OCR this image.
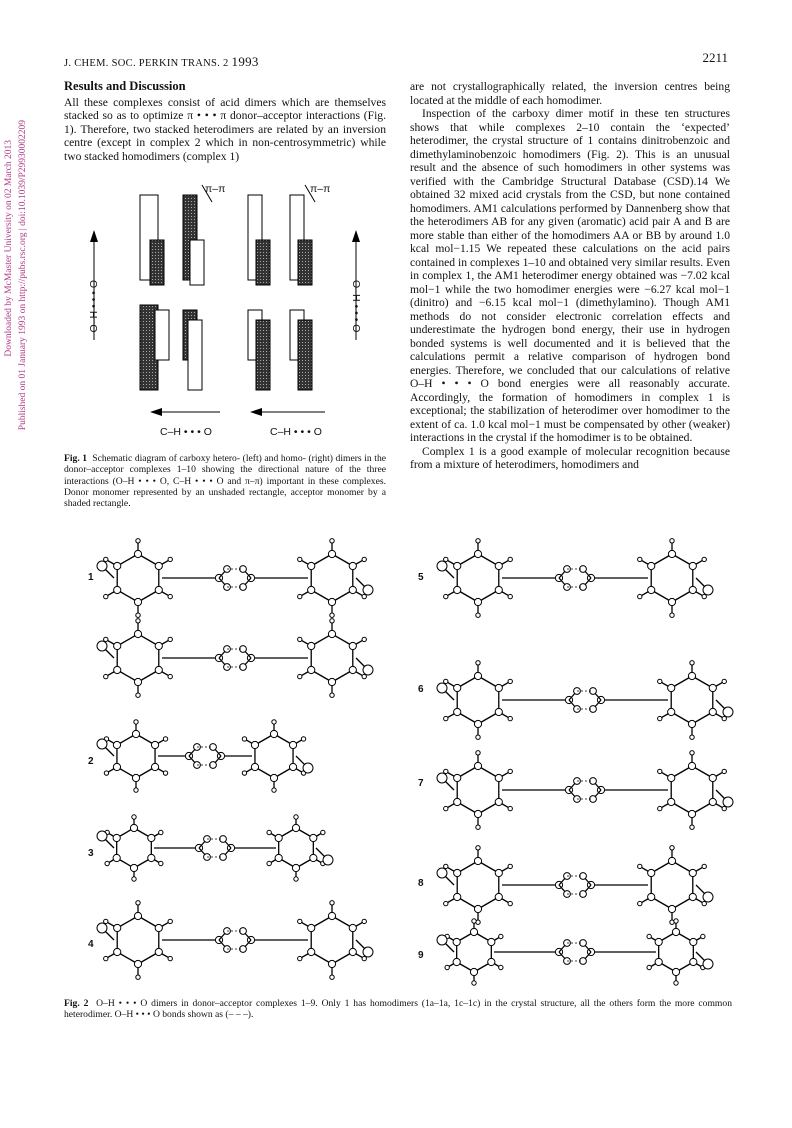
J. CHEM. SOC. PERKIN TRANS. 2 1993	2211
Downloaded by McMaster University on 02 March 2013 Published on 01 January 1993 on http://pubs.rsc.org | doi:10.1039/P29930002209
Results and Discussion

All these complexes consist of acid dimers which are themselves stacked so as to optimize π • • • π donor–acceptor interactions (Fig. 1). Therefore, two stacked heterodimers are related by an inversion centre (except in complex 2 which in non-centrosymmetric) while two stacked homodimers (complex 1)

are not crystallographically related, the inversion centres being located at the middle of each homodimer.

Inspection of the carboxy dimer motif in these ten structures shows that while complexes 2–10 contain the ‘expected’ heterodimer, the crystal structure of 1 contains dinitrobenzoic and dimethylaminobenzoic homodimers (Fig. 2). This is an unusual result and the absence of such homodimers in other systems was verified with the Cambridge Structural Database (CSD).14 We obtained 32 mixed acid crystals from the CSD, but none contained homodimers. AM1 calculations performed by Dannenberg show that the heterodimers AB for any given (aromatic) acid pair A and B are more stable than either of the homodimers AA or BB by around 1.0 kcal mol−1.15 We repeated these calculations on the acid pairs contained in complexes 1–10 and obtained very similar results. Even in complex 1, the AM1 heterodimer energy obtained was −7.02 kcal mol−1 while the two homodimer energies were −6.27 kcal mol−1 (dinitro) and −6.15 kcal mol−1 (dimethylamino). Though AM1 methods do not consider electronic correlation effects and underestimate the hydrogen bond energy, their use in hydrogen bonded systems is well documented and it is believed that the calculations permit a relative comparison of hydrogen bond energies. Therefore, we concluded that our calculations of relative O–H • • • O bond energies were all reasonably accurate. Accordingly, the formation of homodimers in complex 1 is exceptional; the stabilization of heterodimer over homodimer to the extent of ca. 1.0 kcal mol−1 must be compensated by other (weaker) interactions in the crystal if the homodimer is to be obtained.

Complex 1 is a good example of molecular recognition because from a mixture of heterodimers, homodimers and

π–π	π–π
O–H • • • O	O–H • • • O
C–H • • • O	C–H • • • O
Fig. 1 Schematic diagram of carboxy hetero- (left) and homo- (right) dimers in the donor–acceptor complexes 1–10 showing the directional nature of the three interactions (O–H • • • O, C–H • • • O and π–π) important in these complexes. Donor monomer represented by an unshaded rectangle, acceptor monomer by a shaded rectangle.
1
2
3
4
5
6
7
8
9
Fig. 2 O–H • • • O dimers in donor–acceptor complexes 1–9. Only 1 has homodimers (1a–1a, 1c–1c) in the crystal structure, all the others form the more common heterodimer. O–H • • • O bonds shown as (– – –).
